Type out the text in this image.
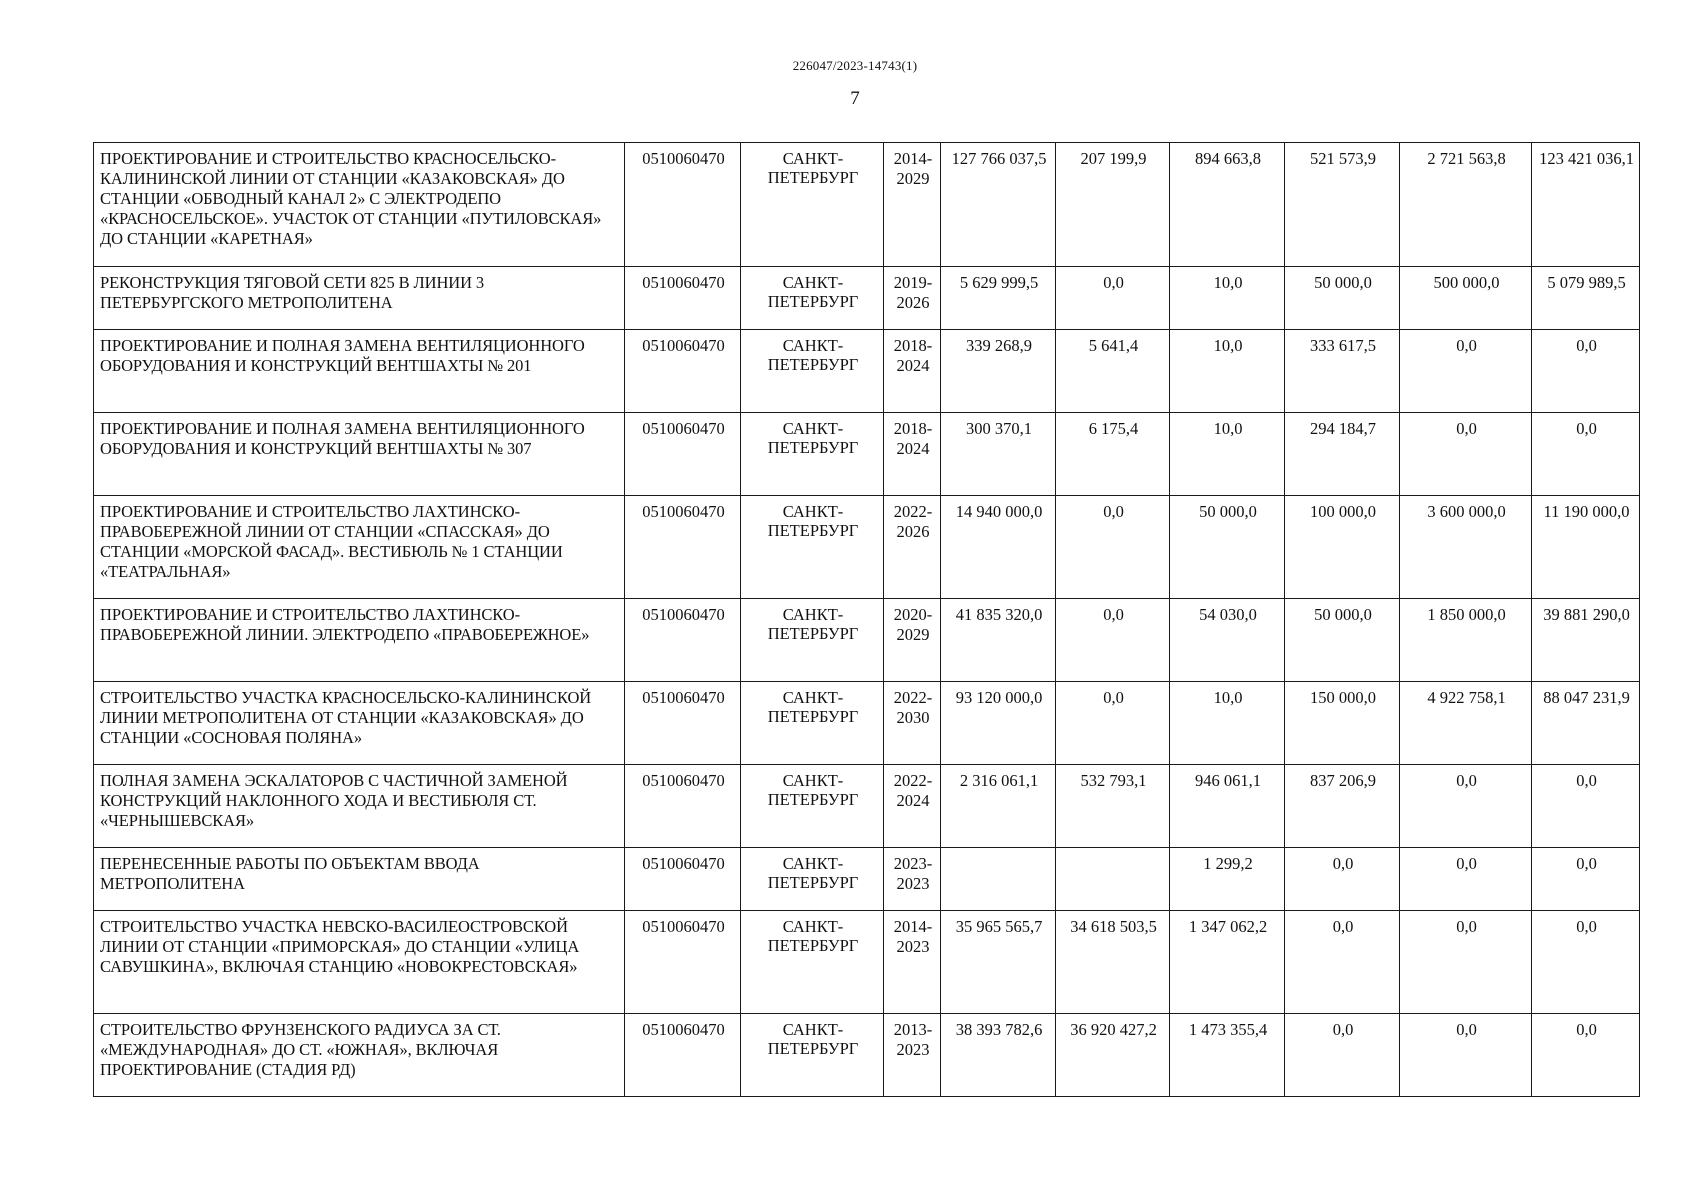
226047/2023-14743(1)
7
ПРОЕКТИРОВАНИЕ И СТРОИТЕЛЬСТВО КРАСНОСЕЛЬСКО-КАЛИНИНСКОЙ ЛИНИИ ОТ СТАНЦИИ «КАЗАКОВСКАЯ» ДО СТАНЦИИ «ОБВОДНЫЙ КАНАЛ 2» С ЭЛЕКТРОДЕПО «КРАСНОСЕЛЬСКОЕ». УЧАСТОК ОТ СТАНЦИИ «ПУТИЛОВСКАЯ» ДО СТАНЦИИ «КАРЕТНАЯ»	0510060470	САНКТ-ПЕТЕРБУРГ	2014-2029	127 766 037,5	207 199,9	894 663,8	521 573,9	2 721 563,8	123 421 036,1
РЕКОНСТРУКЦИЯ ТЯГОВОЙ СЕТИ 825 В ЛИНИИ 3 ПЕТЕРБУРГСКОГО МЕТРОПОЛИТЕНА	0510060470	САНКТ-ПЕТЕРБУРГ	2019-2026	5 629 999,5	0,0	10,0	50 000,0	500 000,0	5 079 989,5
ПРОЕКТИРОВАНИЕ И ПОЛНАЯ ЗАМЕНА ВЕНТИЛЯЦИОННОГО ОБОРУДОВАНИЯ И КОНСТРУКЦИЙ ВЕНТШАХТЫ № 201	0510060470	САНКТ-ПЕТЕРБУРГ	2018-2024	339 268,9	5 641,4	10,0	333 617,5	0,0	0,0
ПРОЕКТИРОВАНИЕ И ПОЛНАЯ ЗАМЕНА ВЕНТИЛЯЦИОННОГО ОБОРУДОВАНИЯ И КОНСТРУКЦИЙ ВЕНТШАХТЫ № 307	0510060470	САНКТ-ПЕТЕРБУРГ	2018-2024	300 370,1	6 175,4	10,0	294 184,7	0,0	0,0
ПРОЕКТИРОВАНИЕ И СТРОИТЕЛЬСТВО ЛАХТИНСКО-ПРАВОБЕРЕЖНОЙ ЛИНИИ ОТ СТАНЦИИ «СПАССКАЯ» ДО СТАНЦИИ «МОРСКОЙ ФАСАД». ВЕСТИБЮЛЬ № 1 СТАНЦИИ «ТЕАТРАЛЬНАЯ»	0510060470	САНКТ-ПЕТЕРБУРГ	2022-2026	14 940 000,0	0,0	50 000,0	100 000,0	3 600 000,0	11 190 000,0
ПРОЕКТИРОВАНИЕ И СТРОИТЕЛЬСТВО ЛАХТИНСКО-ПРАВОБЕРЕЖНОЙ ЛИНИИ. ЭЛЕКТРОДЕПО «ПРАВОБЕРЕЖНОЕ»	0510060470	САНКТ-ПЕТЕРБУРГ	2020-2029	41 835 320,0	0,0	54 030,0	50 000,0	1 850 000,0	39 881 290,0
СТРОИТЕЛЬСТВО УЧАСТКА КРАСНОСЕЛЬСКО-КАЛИНИНСКОЙ ЛИНИИ МЕТРОПОЛИТЕНА ОТ СТАНЦИИ «КАЗАКОВСКАЯ» ДО СТАНЦИИ «СОСНОВАЯ ПОЛЯНА»	0510060470	САНКТ-ПЕТЕРБУРГ	2022-2030	93 120 000,0	0,0	10,0	150 000,0	4 922 758,1	88 047 231,9
ПОЛНАЯ ЗАМЕНА ЭСКАЛАТОРОВ С ЧАСТИЧНОЙ ЗАМЕНОЙ КОНСТРУКЦИЙ НАКЛОННОГО ХОДА И ВЕСТИБЮЛЯ СТ. «ЧЕРНЫШЕВСКАЯ»	0510060470	САНКТ-ПЕТЕРБУРГ	2022-2024	2 316 061,1	532 793,1	946 061,1	837 206,9	0,0	0,0
ПЕРЕНЕСЕННЫЕ РАБОТЫ ПО ОБЪЕКТАМ ВВОДА МЕТРОПОЛИТЕНА	0510060470	САНКТ-ПЕТЕРБУРГ	2023-2023			1 299,2	0,0	0,0	0,0
СТРОИТЕЛЬСТВО УЧАСТКА НЕВСКО-ВАСИЛЕОСТРОВСКОЙ ЛИНИИ ОТ СТАНЦИИ «ПРИМОРСКАЯ» ДО СТАНЦИИ «УЛИЦА САВУШКИНА», ВКЛЮЧАЯ СТАНЦИЮ «НОВОКРЕСТОВСКАЯ»	0510060470	САНКТ-ПЕТЕРБУРГ	2014-2023	35 965 565,7	34 618 503,5	1 347 062,2	0,0	0,0	0,0
СТРОИТЕЛЬСТВО ФРУНЗЕНСКОГО РАДИУСА ЗА СТ. «МЕЖДУНАРОДНАЯ» ДО СТ. «ЮЖНАЯ», ВКЛЮЧАЯ ПРОЕКТИРОВАНИЕ (СТАДИЯ РД)	0510060470	САНКТ-ПЕТЕРБУРГ	2013-2023	38 393 782,6	36 920 427,2	1 473 355,4	0,0	0,0	0,0
